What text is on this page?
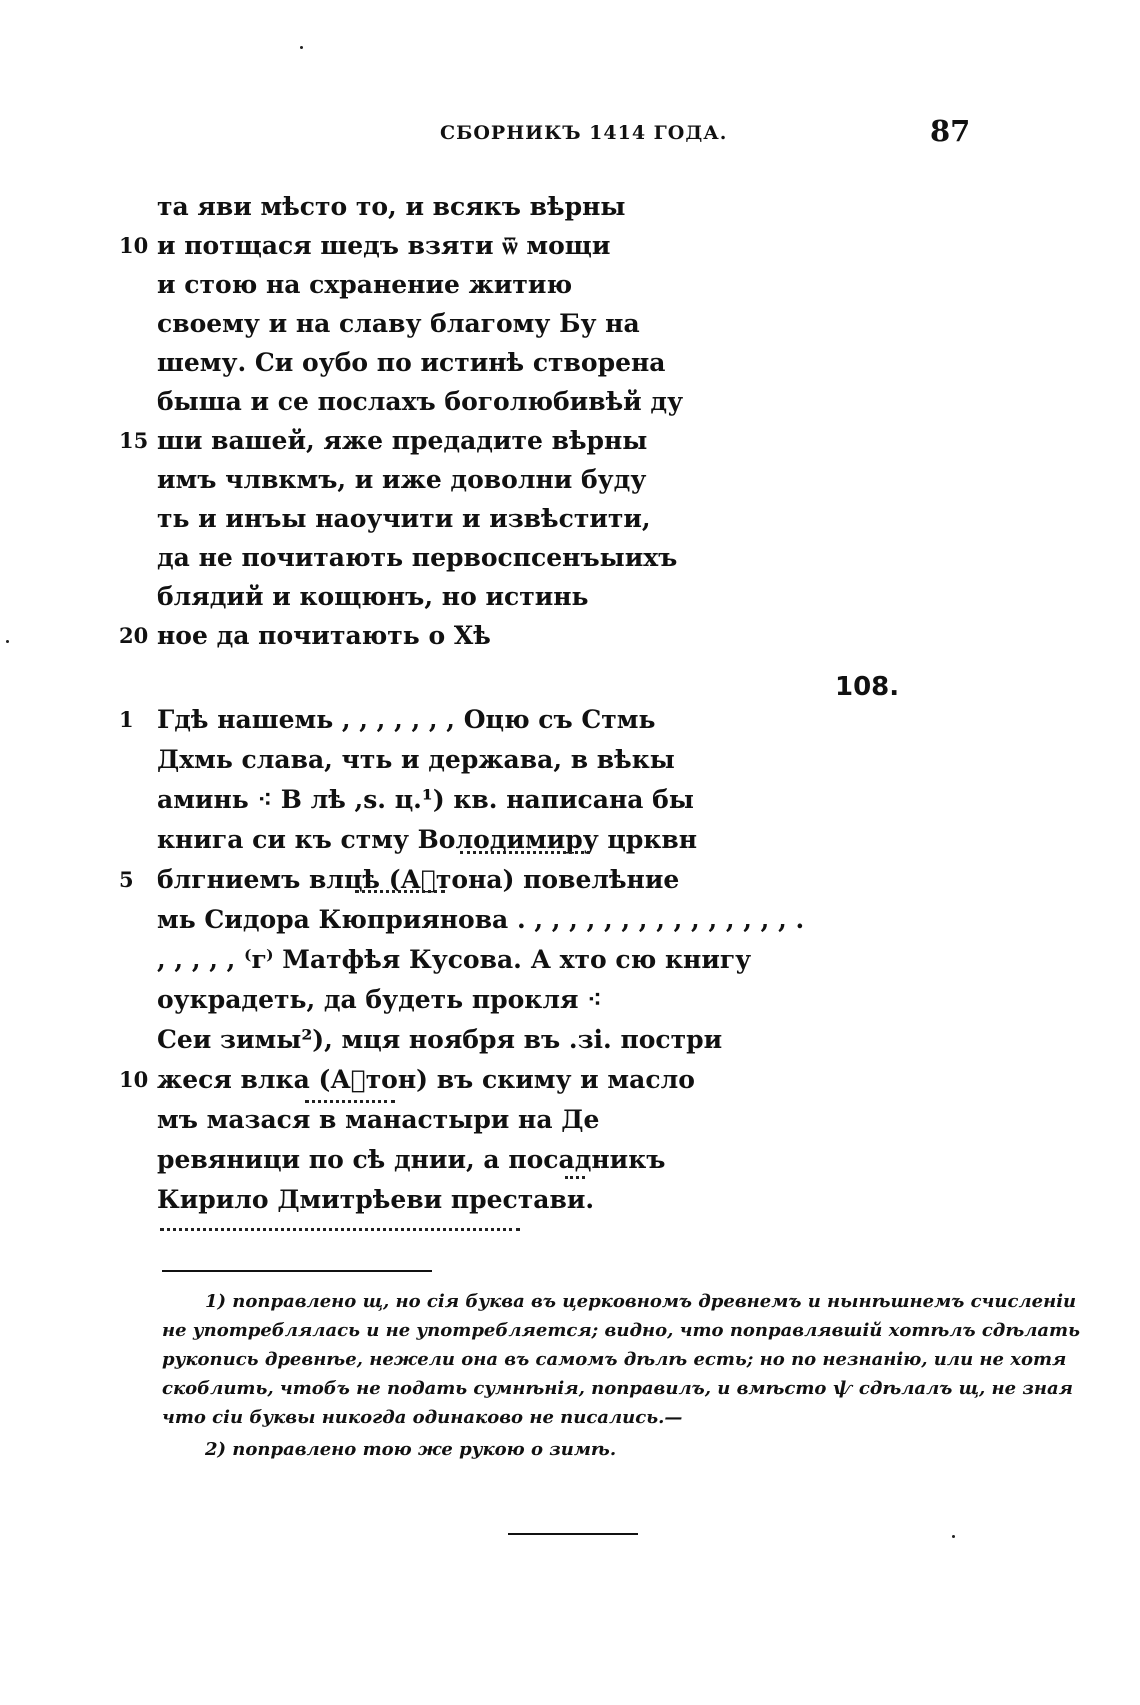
СБОРНИКЪ 1414 ГОДА.	87
та яви мѣсто то, и всякъ вѣрны
10 и потщася шедъ взяти ѿ мощи
и стою на схранение житию
своему и на славу благому Бу на
шему. Си оубо по истинѣ створена
быша и се послахъ боголюбивѣй ду
15 ши вашей, яже предадите вѣрны
имъ члвкмъ, и иже доволни буду
ть и инъы наоучити и извѣстити,
да не почитають первоспсенъыихъ
блядий и кощюнъ, но истинь
20 ное да почитають о Хѣ
108.
1 Гдѣ нашемь , , , , , , , Оцю съ Стмь
Дхмь слава, чть и держава, в вѣкы
аминь ⁖ В лѣ ,ѕ. ц.¹) кв. написана бы
книга си къ стму Володимиру црквн
5 блгниемъ влцѣ (Аⷮтона) повелѣние
мь Сидора Кюприянова . , , , , , , , , , , , , , , , .
, , , , , ⁽ᴦ⁾ Матфѣя Кусова. А хто сю книгу
оукрадеть, да будеть прокля ⁖
Сеи зимы²), мця ноября въ .зі. постри
10 жеся влка (Аⷮтон) въ скиму и масло
мъ мазася в манастыри на Де
ревяници по сѣ днии, а посадникъ
Кирило Дмитрѣеви престави.
1) поправлено щ, но сія буква въ церковномъ древнемъ и нынѣшнемъ счисленіи
не употреблялась и не употребляется; видно, что поправлявшій хотѣлъ сдѣлать
рукопись древнѣе, нежели она въ самомъ дѣлѣ есть; но по незнанію, или не хотя
скоблить, чтобъ не подать сумнѣнія, поправилъ, и вмѣсто ѱ сдѣлалъ щ, не зная
что сіи буквы никогда одинаково не писались.—
2) поправлено тою же рукою о зимѣ.
